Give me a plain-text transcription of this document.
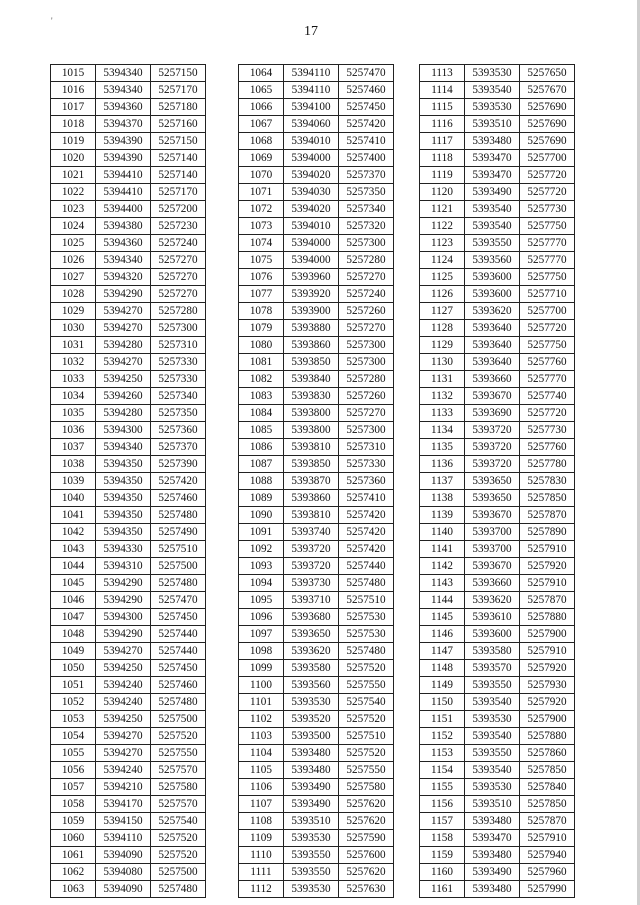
'
17
1015	5394340	5257150
1016	5394340	5257170
1017	5394360	5257180
1018	5394370	5257160
1019	5394390	5257150
1020	5394390	5257140
1021	5394410	5257140
1022	5394410	5257170
1023	5394400	5257200
1024	5394380	5257230
1025	5394360	5257240
1026	5394340	5257270
1027	5394320	5257270
1028	5394290	5257270
1029	5394270	5257280
1030	5394270	5257300
1031	5394280	5257310
1032	5394270	5257330
1033	5394250	5257330
1034	5394260	5257340
1035	5394280	5257350
1036	5394300	5257360
1037	5394340	5257370
1038	5394350	5257390
1039	5394350	5257420
1040	5394350	5257460
1041	5394350	5257480
1042	5394350	5257490
1043	5394330	5257510
1044	5394310	5257500
1045	5394290	5257480
1046	5394290	5257470
1047	5394300	5257450
1048	5394290	5257440
1049	5394270	5257440
1050	5394250	5257450
1051	5394240	5257460
1052	5394240	5257480
1053	5394250	5257500
1054	5394270	5257520
1055	5394270	5257550
1056	5394240	5257570
1057	5394210	5257580
1058	5394170	5257570
1059	5394150	5257540
1060	5394110	5257520
1061	5394090	5257520
1062	5394080	5257500
1063	5394090	5257480
1064	5394110	5257470
1065	5394110	5257460
1066	5394100	5257450
1067	5394060	5257420
1068	5394010	5257410
1069	5394000	5257400
1070	5394020	5257370
1071	5394030	5257350
1072	5394020	5257340
1073	5394010	5257320
1074	5394000	5257300
1075	5394000	5257280
1076	5393960	5257270
1077	5393920	5257240
1078	5393900	5257260
1079	5393880	5257270
1080	5393860	5257300
1081	5393850	5257300
1082	5393840	5257280
1083	5393830	5257260
1084	5393800	5257270
1085	5393800	5257300
1086	5393810	5257310
1087	5393850	5257330
1088	5393870	5257360
1089	5393860	5257410
1090	5393810	5257420
1091	5393740	5257420
1092	5393720	5257420
1093	5393720	5257440
1094	5393730	5257480
1095	5393710	5257510
1096	5393680	5257530
1097	5393650	5257530
1098	5393620	5257480
1099	5393580	5257520
1100	5393560	5257550
1101	5393530	5257540
1102	5393520	5257520
1103	5393500	5257510
1104	5393480	5257520
1105	5393480	5257550
1106	5393490	5257580
1107	5393490	5257620
1108	5393510	5257620
1109	5393530	5257590
1110	5393550	5257600
1111	5393550	5257620
1112	5393530	5257630
1113	5393530	5257650
1114	5393540	5257670
1115	5393530	5257690
1116	5393510	5257690
1117	5393480	5257690
1118	5393470	5257700
1119	5393470	5257720
1120	5393490	5257720
1121	5393540	5257730
1122	5393540	5257750
1123	5393550	5257770
1124	5393560	5257770
1125	5393600	5257750
1126	5393600	5257710
1127	5393620	5257700
1128	5393640	5257720
1129	5393640	5257750
1130	5393640	5257760
1131	5393660	5257770
1132	5393670	5257740
1133	5393690	5257720
1134	5393720	5257730
1135	5393720	5257760
1136	5393720	5257780
1137	5393650	5257830
1138	5393650	5257850
1139	5393670	5257870
1140	5393700	5257890
1141	5393700	5257910
1142	5393670	5257920
1143	5393660	5257910
1144	5393620	5257870
1145	5393610	5257880
1146	5393600	5257900
1147	5393580	5257910
1148	5393570	5257920
1149	5393550	5257930
1150	5393540	5257920
1151	5393530	5257900
1152	5393540	5257880
1153	5393550	5257860
1154	5393540	5257850
1155	5393530	5257840
1156	5393510	5257850
1157	5393480	5257870
1158	5393470	5257910
1159	5393480	5257940
1160	5393490	5257960
1161	5393480	5257990
